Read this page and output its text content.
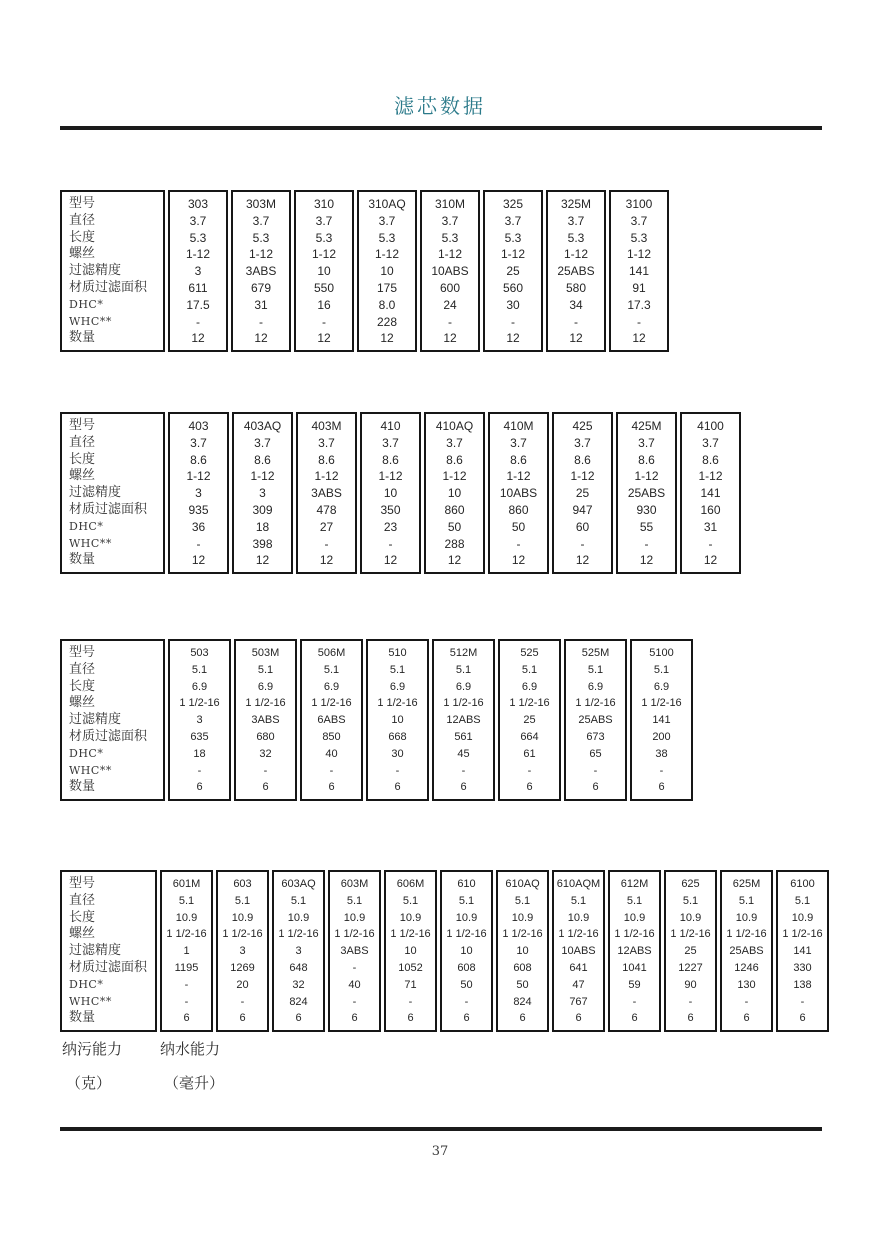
滤芯数据
型号
直径
长度
螺丝
过滤精度
材质过滤面积
DHC*
WHC**
数量
303
3.7
5.3
1-12
3
611
17.5
-
12
303M
3.7
5.3
1-12
3ABS
679
31
-
12
310
3.7
5.3
1-12
10
550
16
-
12
310AQ
3.7
5.3
1-12
10
175
8.0
228
12
310M
3.7
5.3
1-12
10ABS
600
24
-
12
325
3.7
5.3
1-12
25
560
30
-
12
325M
3.7
5.3
1-12
25ABS
580
34
-
12
3100
3.7
5.3
1-12
141
91
17.3
-
12
型号
直径
长度
螺丝
过滤精度
材质过滤面积
DHC*
WHC**
数量
403
3.7
8.6
1-12
3
935
36
-
12
403AQ
3.7
8.6
1-12
3
309
18
398
12
403M
3.7
8.6
1-12
3ABS
478
27
-
12
410
3.7
8.6
1-12
10
350
23
-
12
410AQ
3.7
8.6
1-12
10
860
50
288
12
410M
3.7
8.6
1-12
10ABS
860
50
-
12
425
3.7
8.6
1-12
25
947
60
-
12
425M
3.7
8.6
1-12
25ABS
930
55
-
12
4100
3.7
8.6
1-12
141
160
31
-
12
型号
直径
长度
螺丝
过滤精度
材质过滤面积
DHC*
WHC**
数量
503
5.1
6.9
1 1/2-16
3
635
18
-
6
503M
5.1
6.9
1 1/2-16
3ABS
680
32
-
6
506M
5.1
6.9
1 1/2-16
6ABS
850
40
-
6
510
5.1
6.9
1 1/2-16
10
668
30
-
6
512M
5.1
6.9
1 1/2-16
12ABS
561
45
-
6
525
5.1
6.9
1 1/2-16
25
664
61
-
6
525M
5.1
6.9
1 1/2-16
25ABS
673
65
-
6
5100
5.1
6.9
1 1/2-16
141
200
38
-
6
型号
直径
长度
螺丝
过滤精度
材质过滤面积
DHC*
WHC**
数量
601M
5.1
10.9
1 1/2-16
1
1195
-
-
6
603
5.1
10.9
1 1/2-16
3
1269
20
-
6
603AQ
5.1
10.9
1 1/2-16
3
648
32
824
6
603M
5.1
10.9
1 1/2-16
3ABS
-
40
-
6
606M
5.1
10.9
1 1/2-16
10
1052
71
-
6
610
5.1
10.9
1 1/2-16
10
608
50
-
6
610AQ
5.1
10.9
1 1/2-16
10
608
50
824
6
610AQM
5.1
10.9
1 1/2-16
10ABS
641
47
767
6
612M
5.1
10.9
1 1/2-16
12ABS
1041
59
-
6
625
5.1
10.9
1 1/2-16
25
1227
90
-
6
625M
5.1
10.9
1 1/2-16
25ABS
1246
130
-
6
6100
5.1
10.9
1 1/2-16
141
330
138
-
6
纳污能力	纳水能力
（克）	（毫升）
37
